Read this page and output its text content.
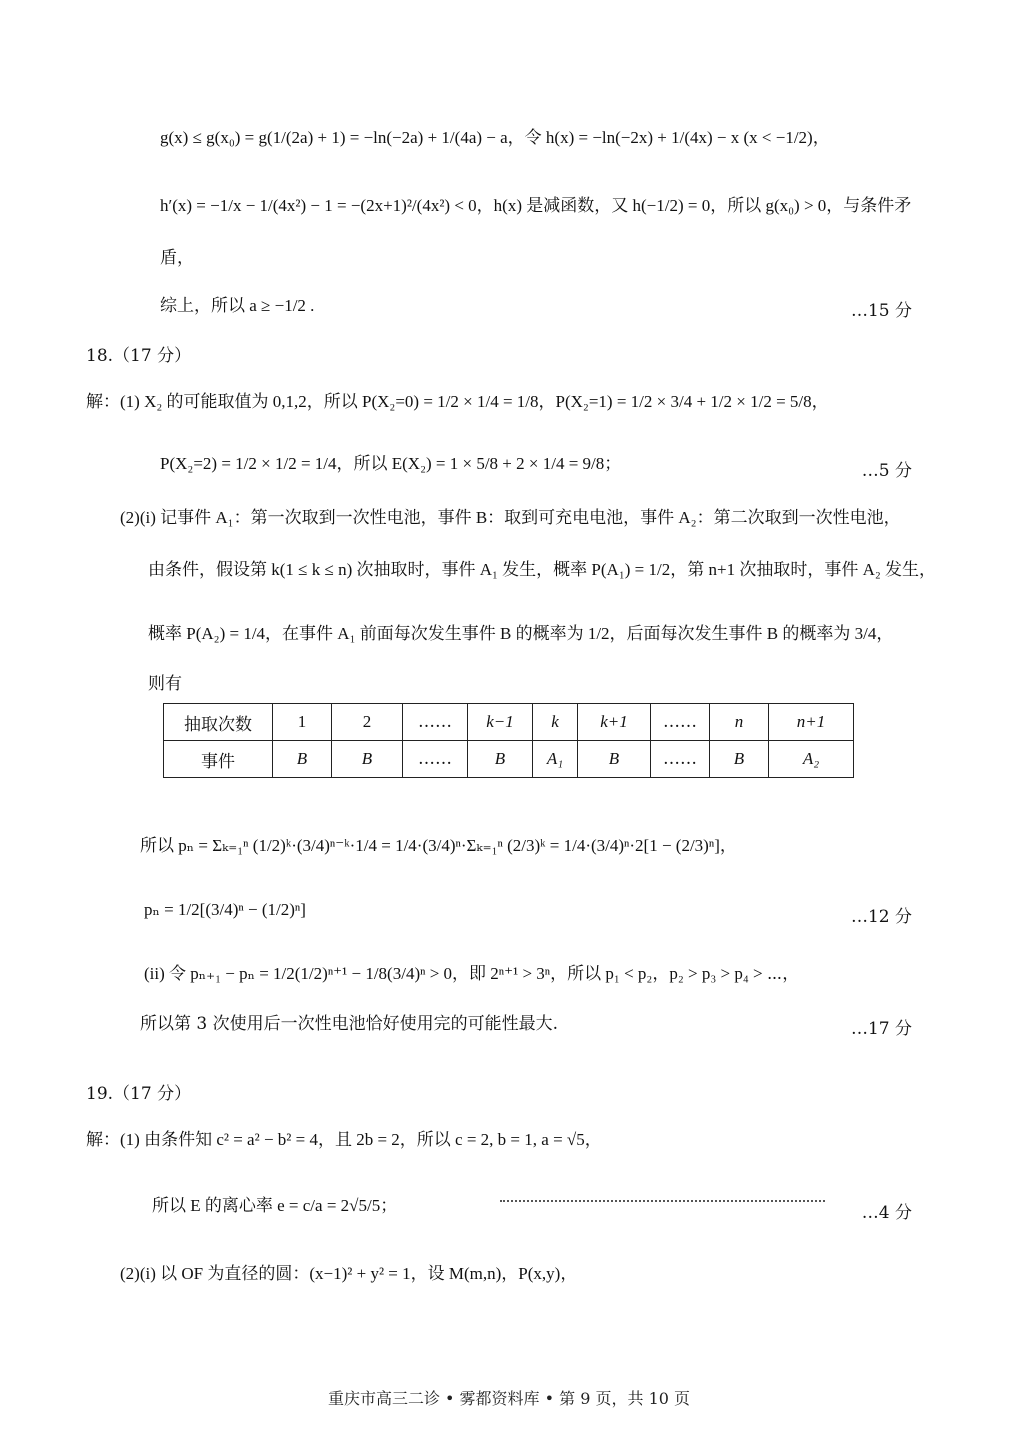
g(x) ≤ g(x₀) = g(1/(2a) + 1) = −ln(−2a) + 1/(4a) − a，令 h(x) = −ln(−2x) + 1/(4x) − x (x < −1/2)，
h′(x) = −1/x − 1/(4x²) − 1 = −(2x+1)²/(4x²) < 0，h(x) 是减函数，又 h(−1/2) = 0，所以 g(x₀) > 0，与条件矛
盾，
综上，所以 a ≥ −1/2 .	…15 分
18.（17 分）
解：(1) X₂ 的可能取值为 0,1,2，所以 P(X₂=0) = 1/2 × 1/4 = 1/8，P(X₂=1) = 1/2 × 3/4 + 1/2 × 1/2 = 5/8，
P(X₂=2) = 1/2 × 1/2 = 1/4，所以 E(X₂) = 1 × 5/8 + 2 × 1/4 = 9/8；	…5 分
(2)(i) 记事件 A₁：第一次取到一次性电池，事件 B：取到可充电电池，事件 A₂：第二次取到一次性电池，
由条件，假设第 k(1 ≤ k ≤ n) 次抽取时，事件 A₁ 发生，概率 P(A₁) = 1/2，第 n+1 次抽取时，事件 A₂ 发生，
概率 P(A₂) = 1/4，在事件 A₁ 前面每次发生事件 B 的概率为 1/2，后面每次发生事件 B 的概率为 3/4，
则有
抽取次数	1	2	……	k−1	k	k+1	……	n	n+1
事件	B	B	……	B	A₁	B	……	B	A₂
所以 pₙ = Σₖ₌₁ⁿ (1/2)ᵏ·(3/4)ⁿ⁻ᵏ·1/4 = 1/4·(3/4)ⁿ·Σₖ₌₁ⁿ (2/3)ᵏ = 1/4·(3/4)ⁿ·2[1 − (2/3)ⁿ]，
pₙ = 1/2[(3/4)ⁿ − (1/2)ⁿ]	…12 分
(ii) 令 pₙ₊₁ − pₙ = 1/2(1/2)ⁿ⁺¹ − 1/8(3/4)ⁿ > 0，即 2ⁿ⁺¹ > 3ⁿ，所以 p₁ < p₂，p₂ > p₃ > p₄ > ⋯，
所以第 3 次使用后一次性电池恰好使用完的可能性最大.	…17 分
19.（17 分）
解：(1) 由条件知 c² = a² − b² = 4，且 2b = 2，所以 c = 2, b = 1, a = √5，
所以 E 的离心率 e = c/a = 2√5/5；	…4 分
(2)(i) 以 OF 为直径的圆：(x−1)² + y² = 1，设 M(m,n)，P(x,y)，
重庆市高三二诊 • 雾都资料库 • 第 9 页，共 10 页
